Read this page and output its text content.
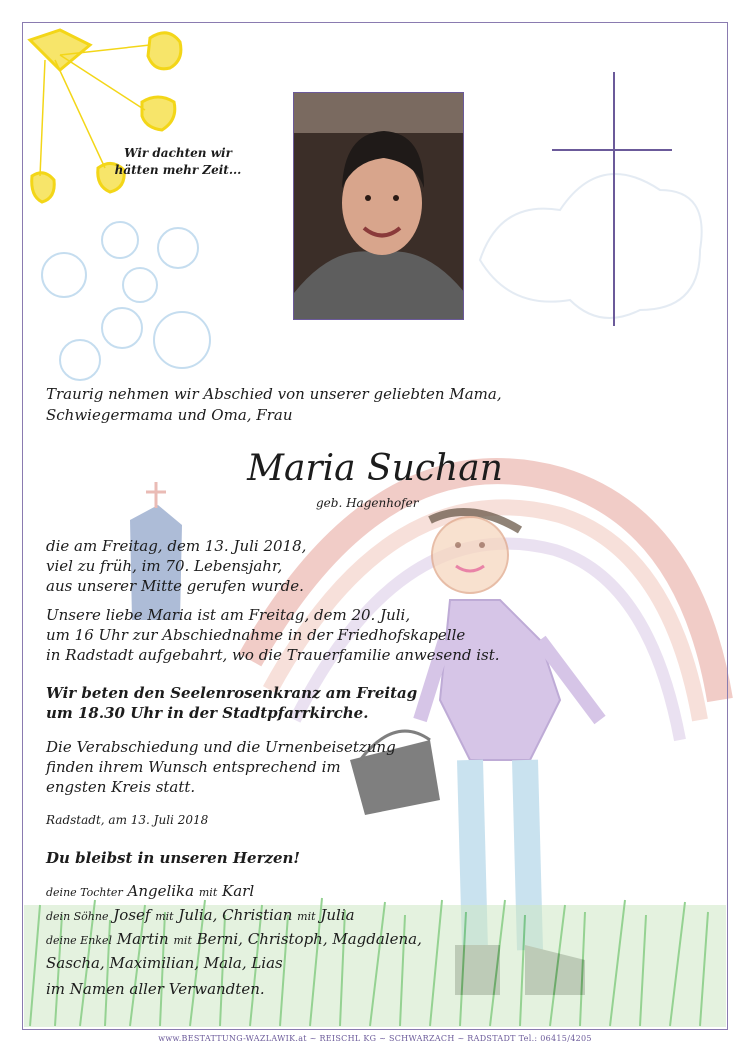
Wir dachten wir
hätten mehr Zeit...
Traurig nehmen wir Abschied von unserer geliebten Mama,
Schwiegermama und Oma, Frau
Maria Suchan
geb. Hagenhofer
die am Freitag, dem 13. Juli 2018,
viel zu früh, im 70. Lebensjahr,
aus unserer Mitte gerufen wurde.
Unsere liebe Maria ist am Freitag, dem 20. Juli,
um 16 Uhr zur Abschiednahme in der Friedhofskapelle
in Radstadt aufgebahrt, wo die Trauerfamilie anwesend ist.
Wir beten den Seelenrosenkranz am Freitag
um 18.30 Uhr in der Stadtpfarrkirche.
Die Verabschiedung und die Urnenbeisetzung
finden ihrem Wunsch entsprechend im
engsten Kreis statt.
Radstadt, am 13. Juli 2018
Du bleibst in unseren Herzen!
deine Tochter Angelika mit Karl
dein Söhne Josef mit Julia, Christian mit Julia
deine Enkel Martin mit Berni, Christoph, Magdalena,
Sascha, Maximilian, Mala, Lias
im Namen aller Verwandten.
www.BESTATTUNG-WAZLAWIK.at ~ REISCHL KG ~ SCHWARZACH ~ RADSTADT Tel.: 06415/4205
